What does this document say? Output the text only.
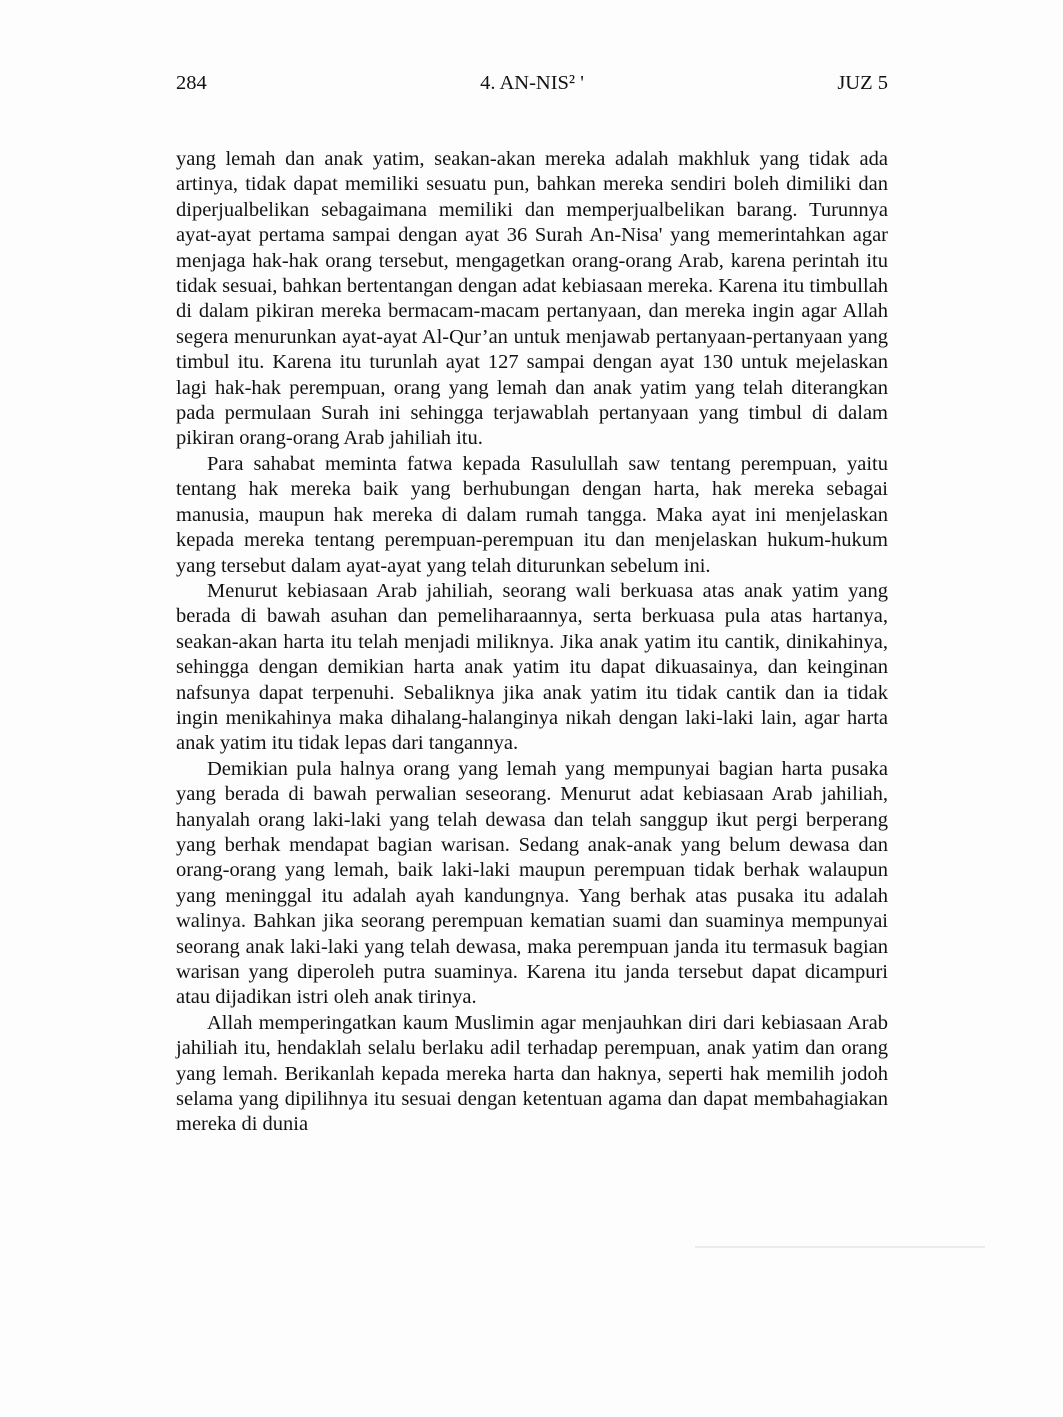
284	4. AN-NIS² '	JUZ 5

yang lemah dan anak yatim, seakan-akan mereka adalah makhluk yang tidak ada artinya, tidak dapat memiliki sesuatu pun, bahkan mereka sendiri boleh dimiliki dan diperjualbelikan sebagaimana memiliki dan memperjualbelikan barang. Turunnya ayat-ayat pertama sampai dengan ayat 36 Surah An-Nisa' yang memerintahkan agar menjaga hak-hak orang tersebut, mengagetkan orang-orang Arab, karena perintah itu tidak sesuai, bahkan bertentangan dengan adat kebiasaan mereka. Karena itu timbullah di dalam pikiran mereka bermacam-macam pertanyaan, dan mereka ingin agar Allah segera menurunkan ayat-ayat Al-Qur’an untuk menjawab pertanyaan-pertanyaan yang timbul itu. Karena itu turunlah ayat 127 sampai dengan ayat 130 untuk mejelaskan lagi hak-hak perempuan, orang yang lemah dan anak yatim yang telah diterangkan pada permulaan Surah ini sehingga terjawablah pertanyaan yang timbul di dalam pikiran orang-orang Arab jahiliah itu.

Para sahabat meminta fatwa kepada Rasulullah saw tentang perempuan, yaitu tentang hak mereka baik yang berhubungan dengan harta, hak mereka sebagai manusia, maupun hak mereka di dalam rumah tangga. Maka ayat ini menjelaskan kepada mereka tentang perempuan-perempuan itu dan menjelaskan hukum-hukum yang tersebut dalam ayat-ayat yang telah diturunkan sebelum ini.

Menurut kebiasaan Arab jahiliah, seorang wali berkuasa atas anak yatim yang berada di bawah asuhan dan pemeliharaannya, serta berkuasa pula atas hartanya, seakan-akan harta itu telah menjadi miliknya. Jika anak yatim itu cantik, dinikahinya, sehingga dengan demikian harta anak yatim itu dapat dikuasainya, dan keinginan nafsunya dapat terpenuhi. Sebaliknya jika anak yatim itu tidak cantik dan ia tidak ingin menikahinya maka dihalang-halanginya nikah dengan laki-laki lain, agar harta anak yatim itu tidak lepas dari tangannya.

Demikian pula halnya orang yang lemah yang mempunyai bagian harta pusaka yang berada di bawah perwalian seseorang. Menurut adat kebiasaan Arab jahiliah, hanyalah orang laki-laki yang telah dewasa dan telah sanggup ikut pergi berperang yang berhak mendapat bagian warisan. Sedang anak-anak yang belum dewasa dan orang-orang yang lemah, baik laki-laki maupun perempuan tidak berhak walaupun yang meninggal itu adalah ayah kandungnya. Yang berhak atas pusaka itu adalah walinya. Bahkan jika seorang perempuan kematian suami dan suaminya mempunyai seorang anak laki-laki yang telah dewasa, maka perempuan janda itu termasuk bagian warisan yang diperoleh putra suaminya. Karena itu janda tersebut dapat dicampuri atau dijadikan istri oleh anak tirinya.

Allah memperingatkan kaum Muslimin agar menjauhkan diri dari kebiasaan Arab jahiliah itu, hendaklah selalu berlaku adil terhadap perempuan, anak yatim dan orang yang lemah. Berikanlah kepada mereka harta dan haknya, seperti hak memilih jodoh selama yang dipilihnya itu sesuai dengan ketentuan agama dan dapat membahagiakan mereka di dunia
